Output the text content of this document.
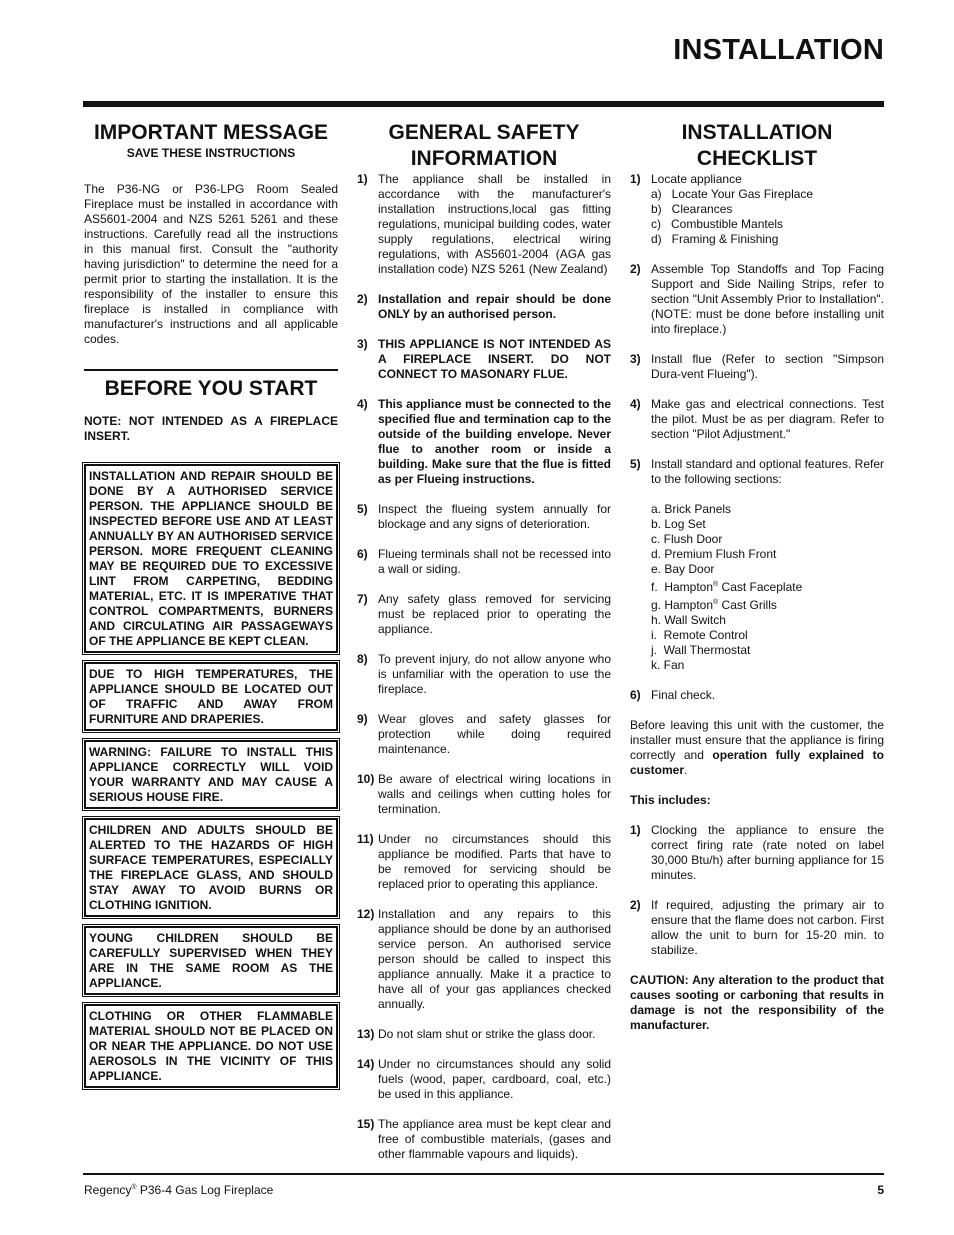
INSTALLATION
IMPORTANT MESSAGE
SAVE THESE INSTRUCTIONS

The P36-NG or P36-LPG Room Sealed Fireplace must be installed in accordance with AS5601-2004 and NZS 5261 5261 and these instructions. Carefully read all the instructions in this manual first. Consult the "authority having jurisdiction" to determine the need for a permit prior to starting the installation. It is the responsibility of the installer to ensure this fireplace is installed in compliance with manufacturer's instructions and all applicable codes.

BEFORE YOU START

NOTE: NOT INTENDED AS A FIREPLACE INSERT.

INSTALLATION AND REPAIR SHOULD BE DONE BY A AUTHORISED SERVICE PERSON. THE APPLIANCE SHOULD BE INSPECTED BEFORE USE AND AT LEAST ANNUALLY BY AN AUTHORISED SERVICE PERSON. MORE FREQUENT CLEANING MAY BE REQUIRED DUE TO EXCESSIVE LINT FROM CARPETING, BEDDING MATERIAL, ETC. IT IS IMPERATIVE THAT CONTROL COMPARTMENTS, BURNERS AND CIRCULATING AIR PASSAGEWAYS OF THE APPLIANCE BE KEPT CLEAN.
DUE TO HIGH TEMPERATURES, THE APPLIANCE SHOULD BE LOCATED OUT OF TRAFFIC AND AWAY FROM FURNITURE AND DRAPERIES.
WARNING: FAILURE TO INSTALL THIS APPLIANCE CORRECTLY WILL VOID YOUR WARRANTY AND MAY CAUSE A SERIOUS HOUSE FIRE.
CHILDREN AND ADULTS SHOULD BE ALERTED TO THE HAZARDS OF HIGH SURFACE TEMPERATURES, ESPECIALLY THE FIREPLACE GLASS, AND SHOULD STAY AWAY TO AVOID BURNS OR CLOTHING IGNITION.
YOUNG CHILDREN SHOULD BE CAREFULLY SUPERVISED WHEN THEY ARE IN THE SAME ROOM AS THE APPLIANCE.
CLOTHING OR OTHER FLAMMABLE MATERIAL SHOULD NOT BE PLACED ON OR NEAR THE APPLIANCE. DO NOT USE AEROSOLS IN THE VICINITY OF THIS APPLIANCE.
GENERAL SAFETY
INFORMATION
1) The appliance shall be installed in accordance with the manufacturer's installation instructions,local gas fitting regulations, municipal building codes, water supply regulations, electrical wiring regulations, with AS5601-2004 (AGA gas installation code) NZS 5261 (New Zealand)
2) Installation and repair should be done ONLY by an authorised person.
3) THIS APPLIANCE IS NOT INTENDED AS A FIREPLACE INSERT. DO NOT CONNECT TO MASONARY FLUE.
4) This appliance must be connected to the specified flue and termination cap to the outside of the building envelope. Never flue to another room or inside a building. Make sure that the flue is fitted as per Flueing instructions.
5) Inspect the flueing system annually for blockage and any signs of deterioration.
6) Flueing terminals shall not be recessed into a wall or siding.
7) Any safety glass removed for servicing must be replaced prior to operating the appliance.
8) To prevent injury, do not allow anyone who is unfamiliar with the operation to use the fireplace.
9) Wear gloves and safety glasses for protection while doing required maintenance.
10) Be aware of electrical wiring locations in walls and ceilings when cutting holes for termination.
11) Under no circumstances should this appliance be modified. Parts that have to be removed for servicing should be replaced prior to operating this appliance.
12) Installation and any repairs to this appliance should be done by an authorised service person. An authorised service person should be called to inspect this appliance annually. Make it a practice to have all of your gas appliances checked annually.
13) Do not slam shut or strike the glass door.
14) Under no circumstances should any solid fuels (wood, paper, cardboard, coal, etc.) be used in this appliance.
15) The appliance area must be kept clear and free of combustible materials, (gases and other flammable vapours and liquids).
INSTALLATION
CHECKLIST
1) Locate appliance
a)   Locate Your Gas Fireplace
b)   Clearances
c)   Combustible Mantels
d)   Framing & Finishing
2) Assemble Top Standoffs and Top Facing Support and Side Nailing Strips, refer to section "Unit Assembly Prior to Installation". (NOTE: must be done before installing unit into fireplace.)
3) Install flue (Refer to section "Simpson Dura-vent Flueing").
4) Make gas and electrical connections. Test the pilot. Must be as per diagram. Refer to section "Pilot Adjustment."
5) Install standard and optional features. Refer to the following sections:
a. Brick Panels
b. Log Set
c. Flush Door
d. Premium Flush Front
e. Bay Door
f.  Hampton® Cast Faceplate
g. Hampton® Cast Grills
h. Wall Switch
i.  Remote Control
j.  Wall Thermostat
k. Fan
6) Final check.

Before leaving this unit with the customer, the installer must ensure that the appliance is firing correctly and operation fully explained to customer.

This includes:

1) Clocking the appliance to ensure the correct firing rate (rate noted on label 30,000 Btu/h) after burning appliance for 15 minutes.
2) If required, adjusting the primary air to ensure that the flame does not carbon. First allow the unit to burn for 15-20 min. to stabilize.

CAUTION: Any alteration to the product that causes sooting or carboning that results in damage is not the responsibility of the manufacturer.

Regency® P36-4 Gas Log Fireplace	5
